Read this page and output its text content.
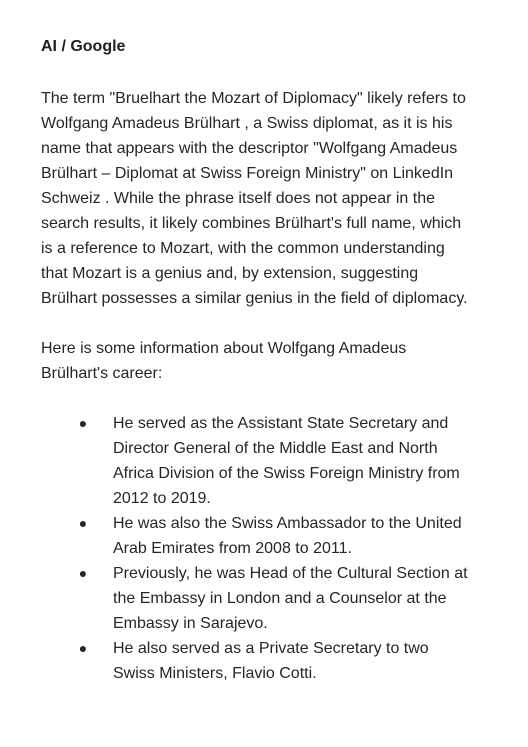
AI / Google

The term "Bruelhart the Mozart of Diplomacy" likely refers to Wolfgang Amadeus Brülhart , a Swiss diplomat, as it is his name that appears with the descriptor "Wolfgang Amadeus Brülhart – Diplomat at Swiss Foreign Ministry" on LinkedIn Schweiz . While the phrase itself does not appear in the search results, it likely combines Brülhart's full name, which is a reference to Mozart, with the common understanding that Mozart is a genius and, by extension, suggesting Brülhart possesses a similar genius in the field of diplomacy.

Here is some information about Wolfgang Amadeus Brülhart's career:

● He served as the Assistant State Secretary and Director General of the Middle East and North Africa Division of the Swiss Foreign Ministry from 2012 to 2019.
● He was also the Swiss Ambassador to the United Arab Emirates from 2008 to 2011.
● Previously, he was Head of the Cultural Section at the Embassy in London and a Counselor at the Embassy in Sarajevo.
● He also served as a Private Secretary to two Swiss Ministers, Flavio Cotti.
